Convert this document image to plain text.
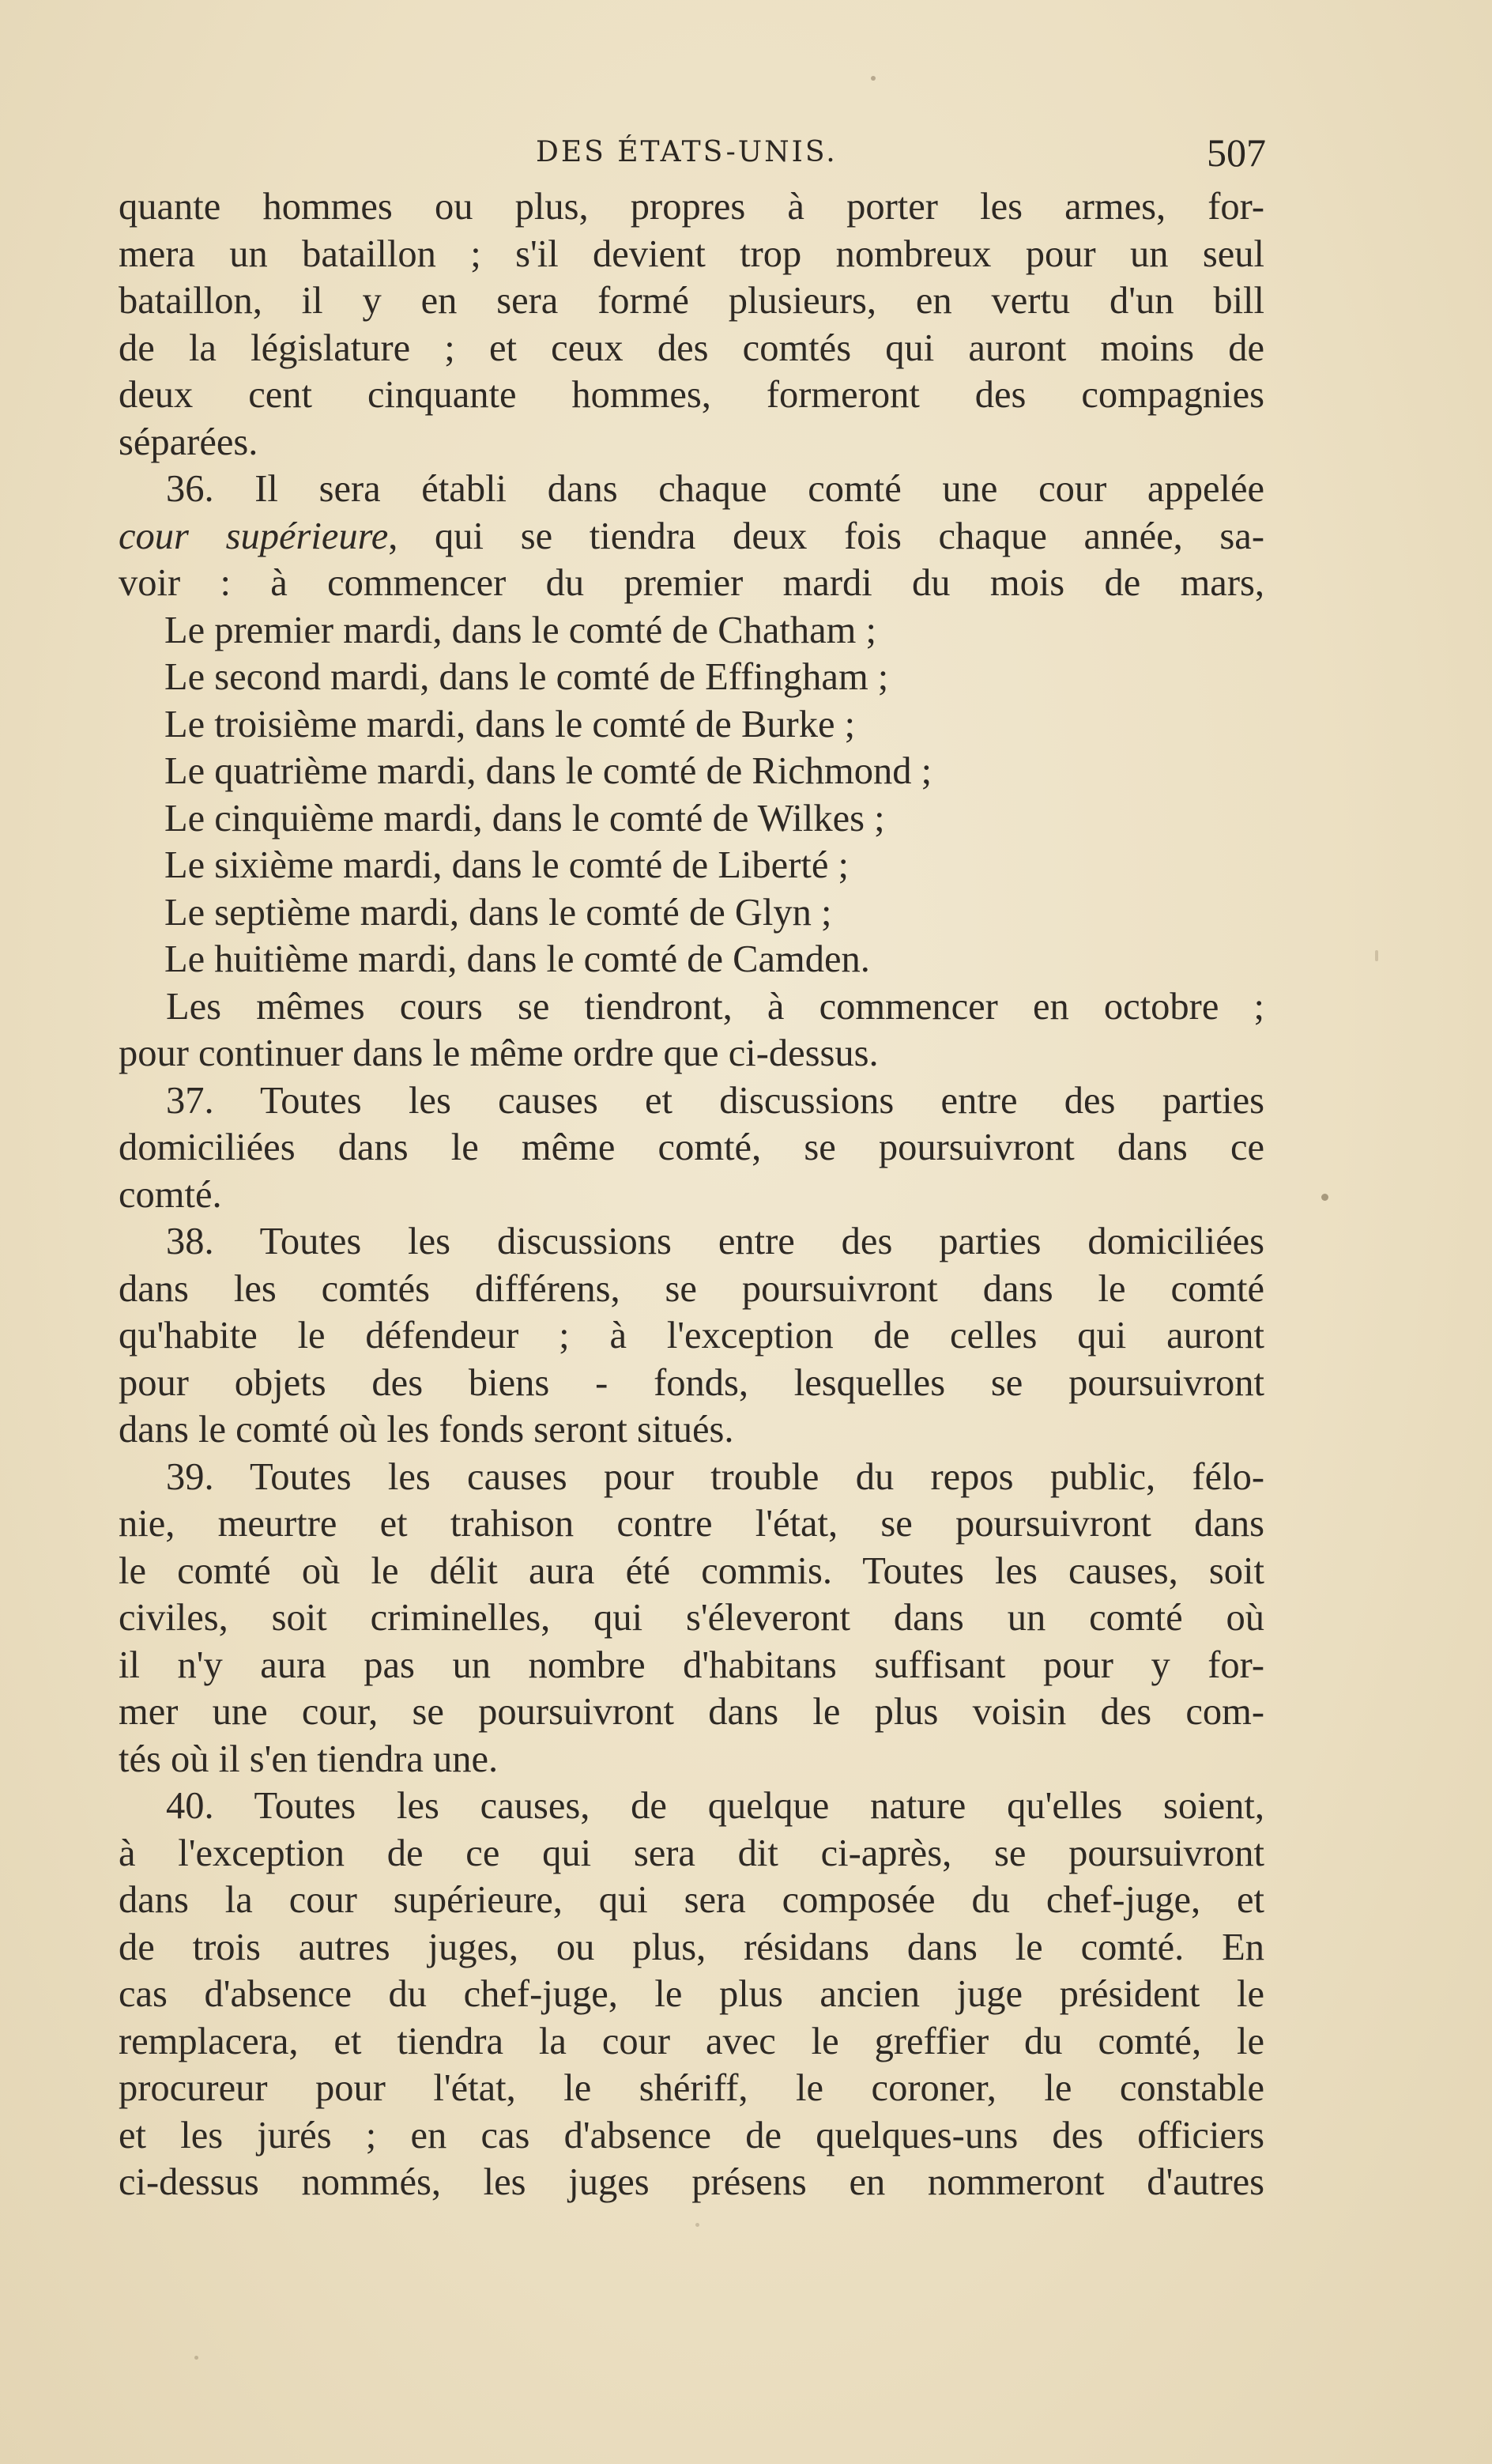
DES ÉTATS-UNIS.	507
quante hommes ou plus, propres à porter les armes, for-
mera un bataillon ; s'il devient trop nombreux pour un seul
bataillon, il y en sera formé plusieurs, en vertu d'un bill
de la législature ; et ceux des comtés qui auront moins de
deux cent cinquante hommes, formeront des compagnies
séparées.
36. Il sera établi dans chaque comté une cour appelée
cour supérieure, qui se tiendra deux fois chaque année, sa-
voir : à commencer du premier mardi du mois de mars,
Le premier mardi, dans le comté de Chatham ;
Le second mardi, dans le comté de Effingham ;
Le troisième mardi, dans le comté de Burke ;
Le quatrième mardi, dans le comté de Richmond ;
Le cinquième mardi, dans le comté de Wilkes ;
Le sixième mardi, dans le comté de Liberté ;
Le septième mardi, dans le comté de Glyn ;
Le huitième mardi, dans le comté de Camden.
Les mêmes cours se tiendront, à commencer en octobre ;
pour continuer dans le même ordre que ci-dessus.
37. Toutes les causes et discussions entre des parties
domiciliées dans le même comté, se poursuivront dans ce
comté.
38. Toutes les discussions entre des parties domiciliées
dans les comtés différens, se poursuivront dans le comté
qu'habite le défendeur ; à l'exception de celles qui auront
pour objets des biens - fonds, lesquelles se poursuivront
dans le comté où les fonds seront situés.
39. Toutes les causes pour trouble du repos public, félo-
nie, meurtre et trahison contre l'état, se poursuivront dans
le comté où le délit aura été commis. Toutes les causes, soit
civiles, soit criminelles, qui s'éleveront dans un comté où
il n'y aura pas un nombre d'habitans suffisant pour y for-
mer une cour, se poursuivront dans le plus voisin des com-
tés où il s'en tiendra une.
40. Toutes les causes, de quelque nature qu'elles soient,
à l'exception de ce qui sera dit ci-après, se poursuivront
dans la cour supérieure, qui sera composée du chef-juge, et
de trois autres juges, ou plus, résidans dans le comté. En
cas d'absence du chef-juge, le plus ancien juge président le
remplacera, et tiendra la cour avec le greffier du comté, le
procureur pour l'état, le shériff, le coroner, le constable
et les jurés ; en cas d'absence de quelques-uns des officiers
ci-dessus nommés, les juges présens en nommeront d'autres
